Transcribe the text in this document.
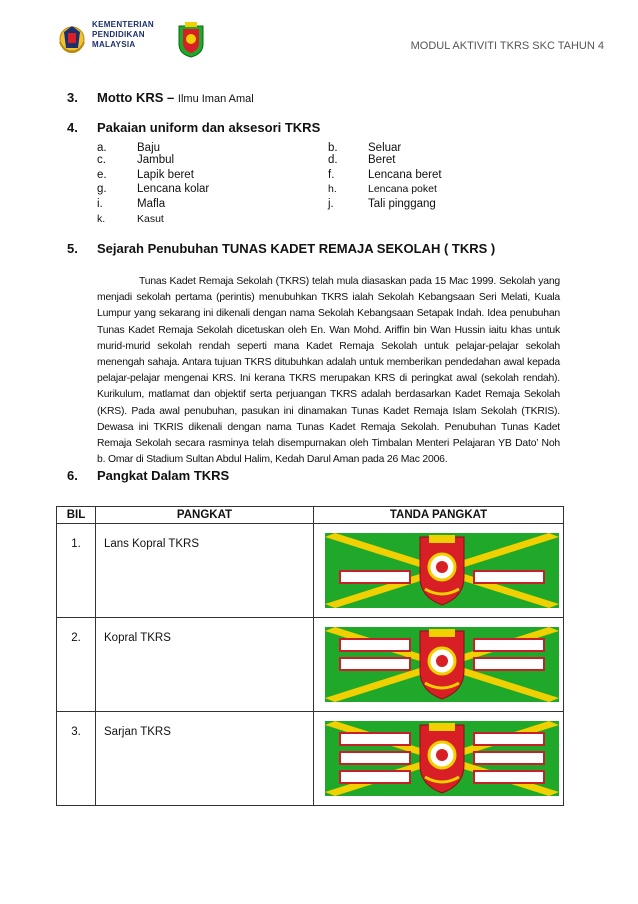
KEMENTERIAN
PENDIDIKAN
MALAYSIA	MODUL AKTIVITI TKRS SKC TAHUN 4
3. Motto KRS – Ilmu Iman Amal
4. Pakaian uniform dan aksesori TKRS
a.	Baju	b.	Seluar
c.	Jambul	d.	Beret
e.	Lapik beret	f.	Lencana beret
g.	Lencana kolar	h.	Lencana poket
i.	Mafla	j.	Tali pinggang
k.	Kasut
5. Sejarah Penubuhan TUNAS KADET REMAJA SEKOLAH ( TKRS )
Tunas Kadet Remaja Sekolah (TKRS) telah mula diasaskan pada 15 Mac 1999. Sekolah yang menjadi sekolah pertama (perintis) menubuhkan TKRS ialah Sekolah Kebangsaan Seri Melati, Kuala Lumpur yang sekarang ini dikenali dengan nama Sekolah Kebangsaan Setapak Indah. Idea penubuhan Tunas Kadet Remaja Sekolah dicetuskan oleh En. Wan Mohd. Ariffin bin Wan Hussin iaitu khas untuk murid-murid sekolah rendah seperti mana Kadet Remaja Sekolah untuk pelajar-pelajar sekolah menengah sahaja. Antara tujuan TKRS ditubuhkan adalah untuk memberikan pendedahan awal kepada pelajar-pelajar mengenai KRS. Ini kerana TKRS merupakan KRS di peringkat awal (sekolah rendah). Kurikulum, matlamat dan objektif serta perjuangan TKRS adalah berdasarkan Kadet Remaja Sekolah (KRS). Pada awal penubuhan, pasukan ini dinamakan Tunas Kadet Remaja Islam Sekolah (TKRIS). Dewasa ini TKRIS dikenali dengan nama Tunas Kadet Remaja Sekolah. Penubuhan Tunas Kadet Remaja Sekolah secara rasminya telah disempurnakan oleh Timbalan Menteri Pelajaran YB Dato’ Noh b. Omar di Stadium Sultan Abdul Halim, Kedah Darul Aman pada 26 Mac 2006.
6. Pangkat Dalam TKRS
BIL	PANGKAT	TANDA PANGKAT

1.	Lans Kopral TKRS

2.	Kopral TKRS

3.	Sarjan TKRS
